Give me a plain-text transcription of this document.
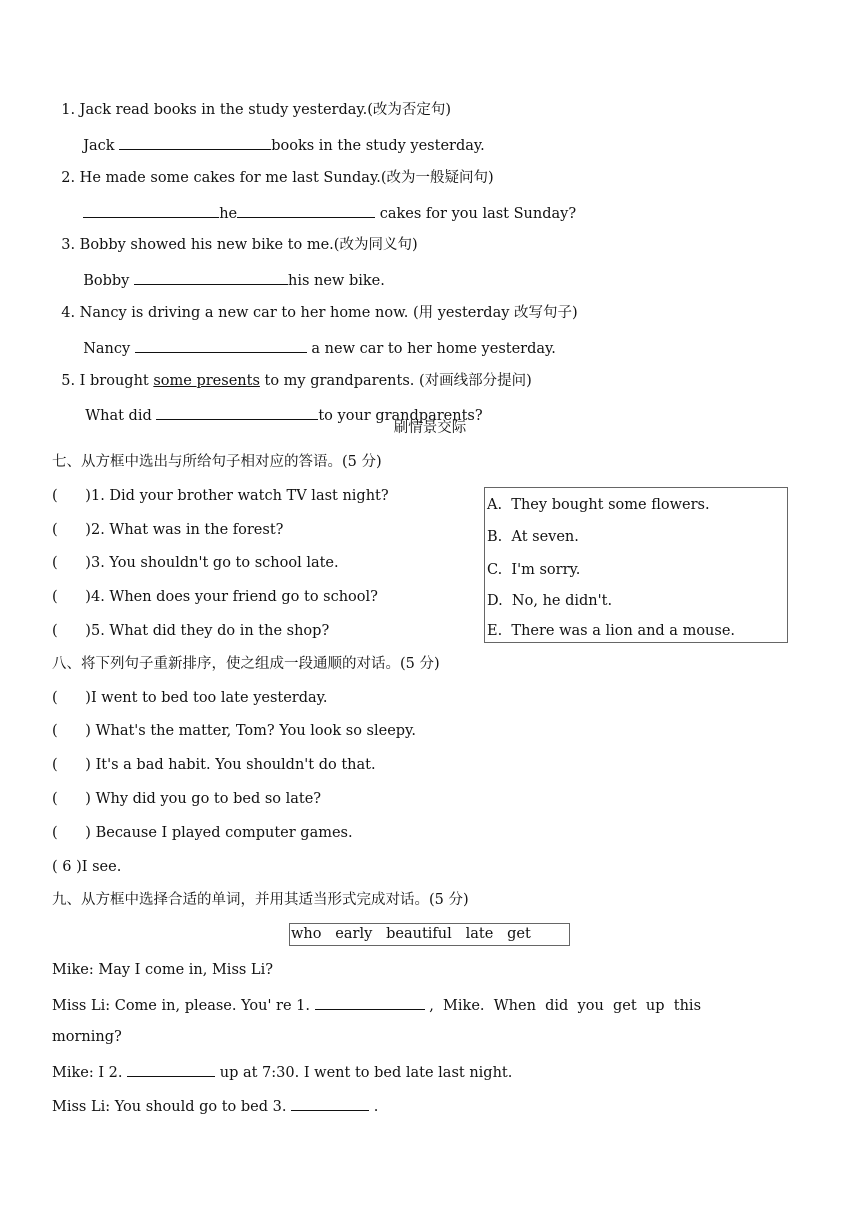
1. Jack read books in the study yesterday.(改为否定句)

Jack	books in the study yesterday.

2. He made some cakes for me last Sunday.(改为一般疑问句)

he	cakes for you last Sunday?

3. Bobby showed his new bike to me.(改为同义句)

Bobby	his new bike.

4. Nancy is driving a new car to her home now. (用 yesterday 改写句子)

Nancy	a new car to her home yesterday.

5. I brought some presents to my grandparents. (对画线部分提问)

What did	to your grandparents?

刷情景交际
七、从方框中选出与所给句子相对应的答语。(5 分)
(      )1. Did your brother watch TV last night?
(      )2. What was in the forest?
(      )3. You shouldn't go to school late.
(      )4. When does your friend go to school?
(      )5. What did they do in the shop?
A.  They bought some flowers.
B.  At seven.
C.  I'm sorry.
D.  No, he didn't.
E.  There was a lion and a mouse.
八、将下列句子重新排序，使之组成一段通顺的对话。(5 分)
(      )I went to bed too late yesterday.
(      ) What's the matter, Tom? You look so sleepy.
(      ) It's a bad habit. You shouldn't do that.
(      ) Why did you go to bed so late?
(      ) Because I played computer games.
( 6 )I see.
九、从方框中选择合适的单词，并用其适当形式完成对话。(5 分)
who   early   beautiful   late   get
Mike: May I come in, Miss Li?
Miss Li: Come in, please. You' re 1.	,  Mike.  When  did  you  get  up  this
morning?
Mike: I 2.	up at 7:30. I went to bed late last night.
Miss Li: You should go to bed 3.	.
